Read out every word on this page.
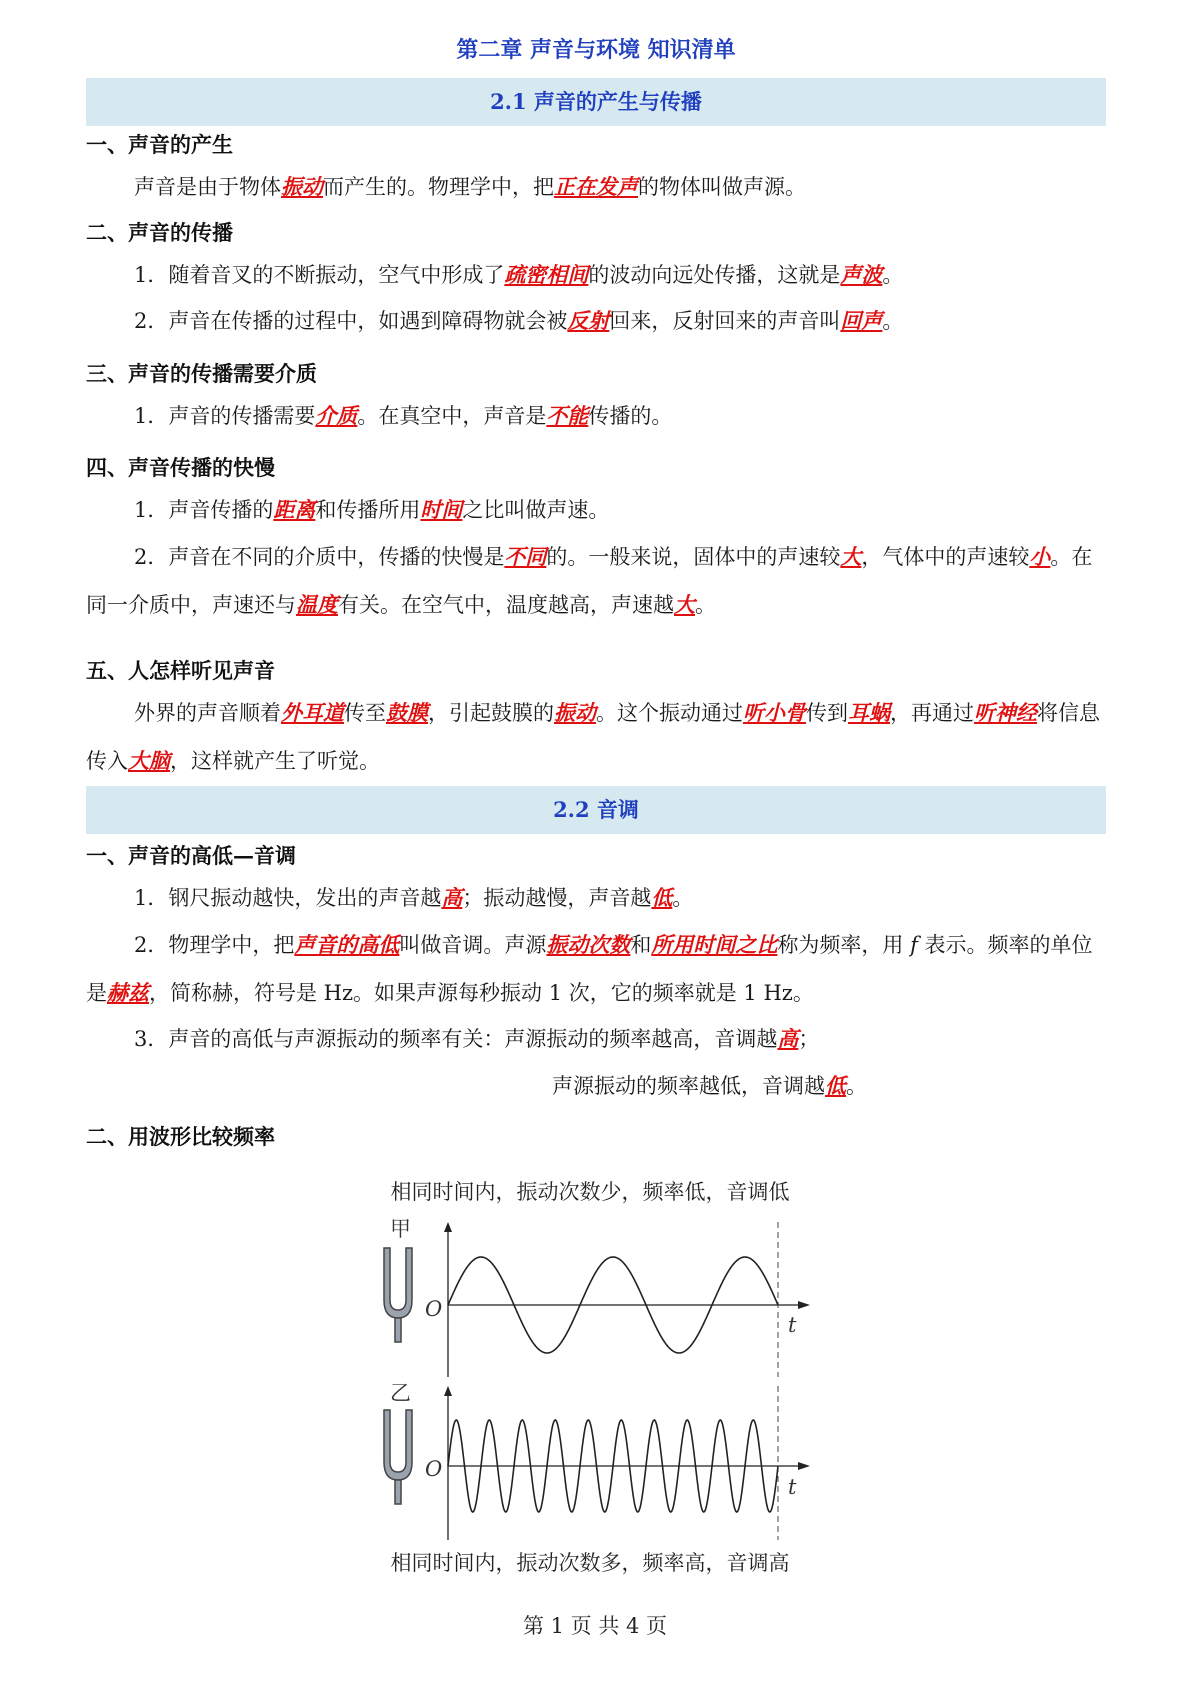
第二章 声音与环境 知识清单
2.1 声音的产生与传播
一、声音的产生
声音是由于物体振动而产生的。物理学中，把正在发声的物体叫做声源。
二、声音的传播
1．随着音叉的不断振动，空气中形成了疏密相间的波动向远处传播，这就是声波。
2．声音在传播的过程中，如遇到障碍物就会被反射回来，反射回来的声音叫回声。
三、声音的传播需要介质
1．声音的传播需要介质。在真空中，声音是不能传播的。
四、声音传播的快慢
1．声音传播的距离和传播所用时间之比叫做声速。
2．声音在不同的介质中，传播的快慢是不同的。一般来说，固体中的声速较大，气体中的声速较小。在同一介质中，声速还与温度有关。在空气中，温度越高，声速越大。
五、人怎样听见声音
外界的声音顺着外耳道传至鼓膜，引起鼓膜的振动。这个振动通过听小骨传到耳蜗，再通过听神经将信息传入大脑，这样就产生了听觉。
2.2 音调
一、声音的高低—音调
1．钢尺振动越快，发出的声音越高；振动越慢，声音越低。
2．物理学中，把声音的高低叫做音调。声源振动次数和所用时间之比称为频率，用 f 表示。频率的单位是赫兹，简称赫，符号是 Hz。如果声源每秒振动 1 次，它的频率就是 1 Hz。
3．声音的高低与声源振动的频率有关：声源振动的频率越高，音调越高；
声源振动的频率越低，音调越低。
二、用波形比较频率
相同时间内，振动次数少，频率低，音调低
甲
O
t
乙
O
t
相同时间内，振动次数多，频率高，音调高
第 1 页 共 4 页
